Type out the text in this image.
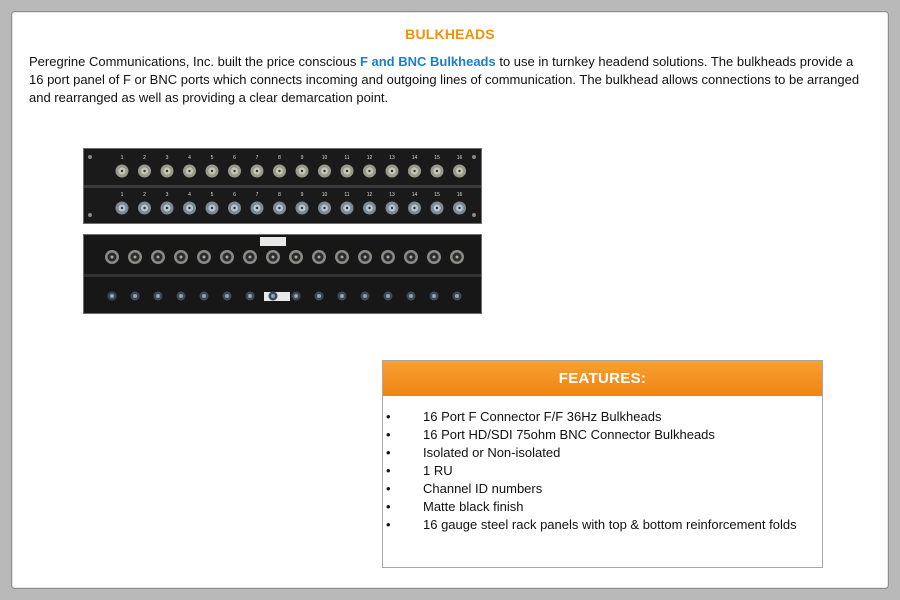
BULKHEADS
Peregrine Communications, Inc. built the price conscious F and BNC Bulkheads to use in turnkey headend solutions. The bulkheads provide a 16 port panel of F or BNC ports which connects incoming and outgoing lines of communication. The bulkhead allows connections to be arranged and rearranged as well as providing a clear demarcation point.
1
1
2
2
3
3
4
4
5
5
6
6
7
7
8
8
9
9
10
10
11
11
12
12
13
13
14
14
15
15
16
16
FEATURES:
• 16 Port F Connector F/F 36Hz Bulkheads
• 16 Port HD/SDI 75ohm BNC Connector Bulkheads
• Isolated or Non-isolated
• 1 RU
• Channel ID numbers
• Matte black finish
• 16 gauge steel rack panels with top & bottom reinforcement folds
